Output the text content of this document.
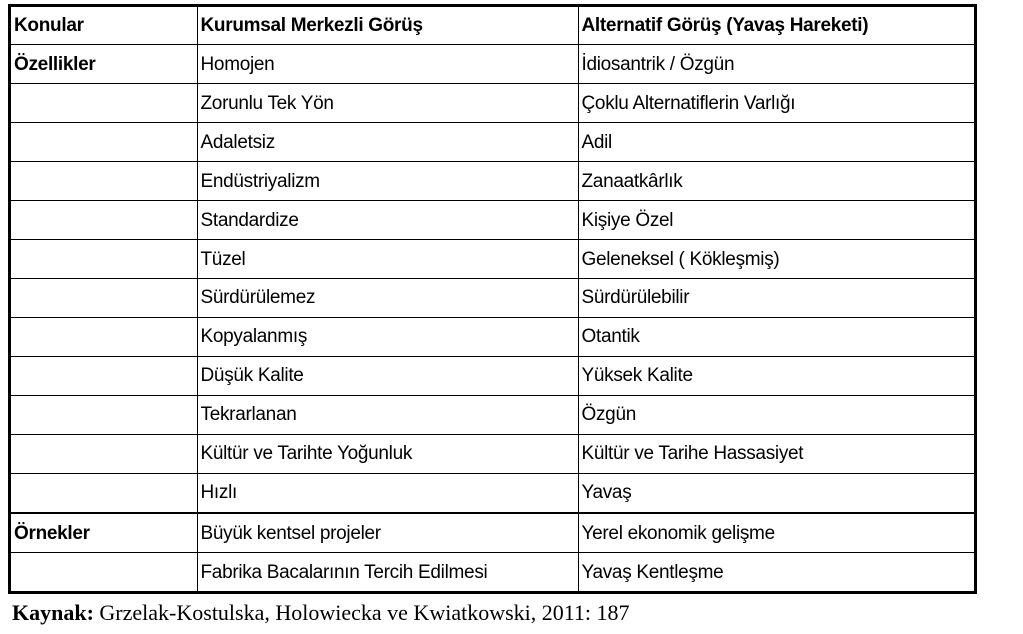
Konular	Kurumsal Merkezli Görüş	Alternatif Görüş (Yavaş Hareketi)
Özellikler	Homojen	İdiosantrik / Özgün
	Zorunlu Tek Yön	Çoklu Alternatiflerin Varlığı
	Adaletsiz	Adil
	Endüstriyalizm	Zanaatkârlık
	Standardize	Kişiye Özel
	Tüzel	Geleneksel ( Kökleşmiş)
	Sürdürülemez	Sürdürülebilir
	Kopyalanmış	Otantik
	Düşük Kalite	Yüksek Kalite
	Tekrarlanan	Özgün
	Kültür ve Tarihte Yoğunluk	Kültür ve Tarihe Hassasiyet
	Hızlı	Yavaş

Örnekler	Büyük kentsel projeler	Yerel ekonomik gelişme
	Fabrika Bacalarının Tercih Edilmesi	Yavaş Kentleşme
Kaynak: Grzelak-Kostulska, Holowiecka ve Kwiatkowski, 2011: 187
